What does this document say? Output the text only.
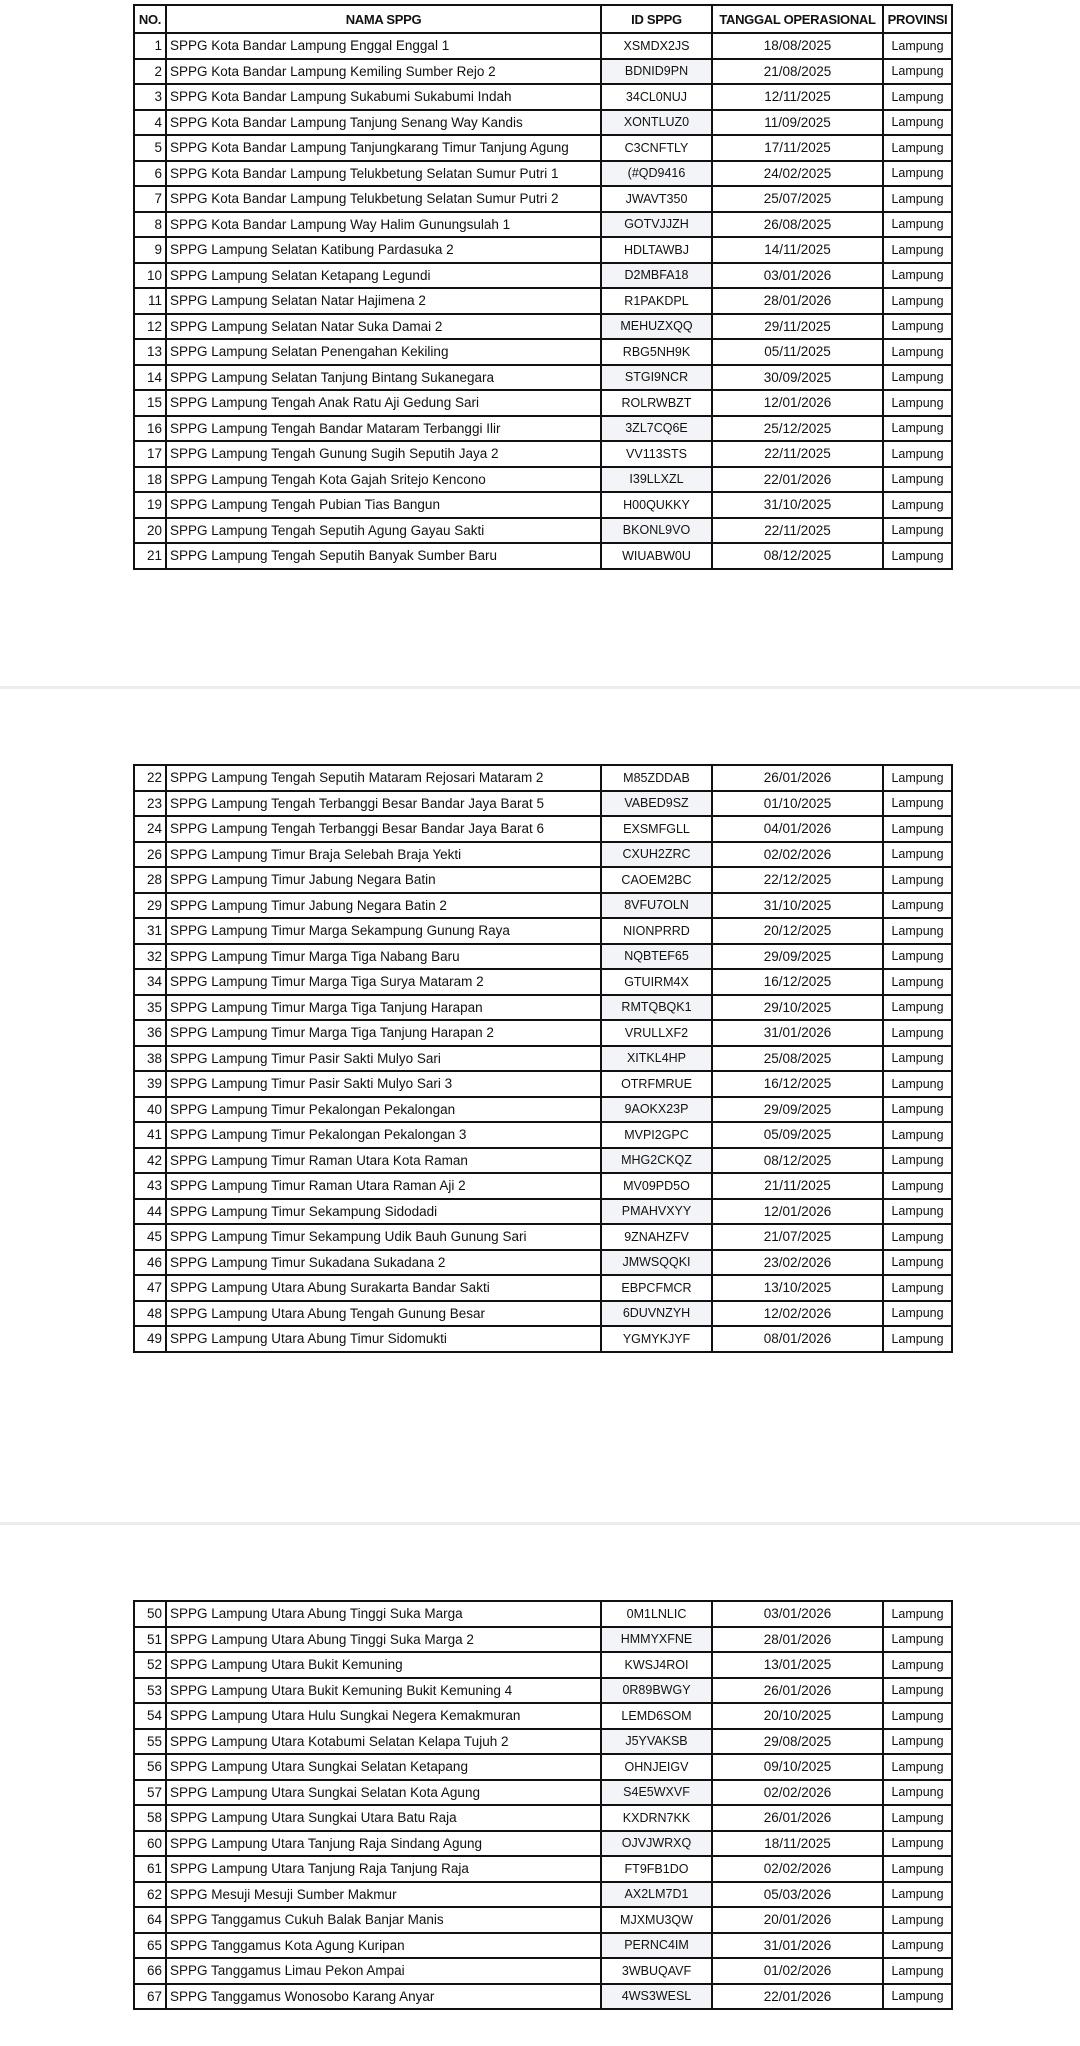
NO.	NAMA SPPG	ID SPPG	TANGGAL OPERASIONAL	PROVINSI
1	SPPG Kota Bandar Lampung Enggal Enggal 1	XSMDX2JS	18/08/2025	Lampung
2	SPPG Kota Bandar Lampung Kemiling Sumber Rejo 2	BDNID9PN	21/08/2025	Lampung
3	SPPG Kota Bandar Lampung Sukabumi Sukabumi Indah	34CL0NUJ	12/11/2025	Lampung
4	SPPG Kota Bandar Lampung Tanjung Senang Way Kandis	XONTLUZ0	11/09/2025	Lampung
5	SPPG Kota Bandar Lampung Tanjungkarang Timur Tanjung Agung	C3CNFTLY	17/11/2025	Lampung
6	SPPG Kota Bandar Lampung Telukbetung Selatan Sumur Putri 1	(#QD9416	24/02/2025	Lampung
7	SPPG Kota Bandar Lampung Telukbetung Selatan Sumur Putri 2	JWAVT350	25/07/2025	Lampung
8	SPPG Kota Bandar Lampung Way Halim Gunungsulah 1	GOTVJJZH	26/08/2025	Lampung
9	SPPG Lampung Selatan Katibung Pardasuka 2	HDLTAWBJ	14/11/2025	Lampung
10	SPPG Lampung Selatan Ketapang Legundi	D2MBFA18	03/01/2026	Lampung
11	SPPG Lampung Selatan Natar Hajimena 2	R1PAKDPL	28/01/2026	Lampung
12	SPPG Lampung Selatan Natar Suka Damai 2	MEHUZXQQ	29/11/2025	Lampung
13	SPPG Lampung Selatan Penengahan Kekiling	RBG5NH9K	05/11/2025	Lampung
14	SPPG Lampung Selatan Tanjung Bintang Sukanegara	STGI9NCR	30/09/2025	Lampung
15	SPPG Lampung Tengah Anak Ratu Aji Gedung Sari	ROLRWBZT	12/01/2026	Lampung
16	SPPG Lampung Tengah Bandar Mataram Terbanggi Ilir	3ZL7CQ6E	25/12/2025	Lampung
17	SPPG Lampung Tengah Gunung Sugih Seputih Jaya 2	VV113STS	22/11/2025	Lampung
18	SPPG Lampung Tengah Kota Gajah Sritejo Kencono	I39LLXZL	22/01/2026	Lampung
19	SPPG Lampung Tengah Pubian Tias Bangun	H00QUKKY	31/10/2025	Lampung
20	SPPG Lampung Tengah Seputih Agung Gayau Sakti	BKONL9VO	22/11/2025	Lampung
21	SPPG Lampung Tengah Seputih Banyak Sumber Baru	WIUABW0U	08/12/2025	Lampung
22	SPPG Lampung Tengah Seputih Mataram Rejosari Mataram 2	M85ZDDAB	26/01/2026	Lampung
23	SPPG Lampung Tengah Terbanggi Besar Bandar Jaya Barat 5	VABED9SZ	01/10/2025	Lampung
24	SPPG Lampung Tengah Terbanggi Besar Bandar Jaya Barat 6	EXSMFGLL	04/01/2026	Lampung
26	SPPG Lampung Timur Braja Selebah Braja Yekti	CXUH2ZRC	02/02/2026	Lampung
28	SPPG Lampung Timur Jabung Negara Batin	CAOEM2BC	22/12/2025	Lampung
29	SPPG Lampung Timur Jabung Negara Batin 2	8VFU7OLN	31/10/2025	Lampung
31	SPPG Lampung Timur Marga Sekampung Gunung Raya	NIONPRRD	20/12/2025	Lampung
32	SPPG Lampung Timur Marga Tiga Nabang Baru	NQBTEF65	29/09/2025	Lampung
34	SPPG Lampung Timur Marga Tiga Surya Mataram 2	GTUIRM4X	16/12/2025	Lampung
35	SPPG Lampung Timur Marga Tiga Tanjung Harapan	RMTQBQK1	29/10/2025	Lampung
36	SPPG Lampung Timur Marga Tiga Tanjung Harapan 2	VRULLXF2	31/01/2026	Lampung
38	SPPG Lampung Timur Pasir Sakti Mulyo Sari	XITKL4HP	25/08/2025	Lampung
39	SPPG Lampung Timur Pasir Sakti Mulyo Sari 3	OTRFMRUE	16/12/2025	Lampung
40	SPPG Lampung Timur Pekalongan Pekalongan	9AOKX23P	29/09/2025	Lampung
41	SPPG Lampung Timur Pekalongan Pekalongan 3	MVPI2GPC	05/09/2025	Lampung
42	SPPG Lampung Timur Raman Utara Kota Raman	MHG2CKQZ	08/12/2025	Lampung
43	SPPG Lampung Timur Raman Utara Raman Aji 2	MV09PD5O	21/11/2025	Lampung
44	SPPG Lampung Timur Sekampung Sidodadi	PMAHVXYY	12/01/2026	Lampung
45	SPPG Lampung Timur Sekampung Udik Bauh Gunung Sari	9ZNAHZFV	21/07/2025	Lampung
46	SPPG Lampung Timur Sukadana Sukadana 2	JMWSQQKI	23/02/2026	Lampung
47	SPPG Lampung Utara Abung Surakarta Bandar Sakti	EBPCFMCR	13/10/2025	Lampung
48	SPPG Lampung Utara Abung Tengah Gunung Besar	6DUVNZYH	12/02/2026	Lampung
49	SPPG Lampung Utara Abung Timur Sidomukti	YGMYKJYF	08/01/2026	Lampung
50	SPPG Lampung Utara Abung Tinggi Suka Marga	0M1LNLIC	03/01/2026	Lampung
51	SPPG Lampung Utara Abung Tinggi Suka Marga 2	HMMYXFNE	28/01/2026	Lampung
52	SPPG Lampung Utara Bukit Kemuning	KWSJ4ROI	13/01/2025	Lampung
53	SPPG Lampung Utara Bukit Kemuning Bukit Kemuning 4	0R89BWGY	26/01/2026	Lampung
54	SPPG Lampung Utara Hulu Sungkai Negera Kemakmuran	LEMD6SOM	20/10/2025	Lampung
55	SPPG Lampung Utara Kotabumi Selatan Kelapa Tujuh 2	J5YVAKSB	29/08/2025	Lampung
56	SPPG Lampung Utara Sungkai Selatan Ketapang	OHNJEIGV	09/10/2025	Lampung
57	SPPG Lampung Utara Sungkai Selatan Kota Agung	S4E5WXVF	02/02/2026	Lampung
58	SPPG Lampung Utara Sungkai Utara Batu Raja	KXDRN7KK	26/01/2026	Lampung
60	SPPG Lampung Utara Tanjung Raja Sindang Agung	OJVJWRXQ	18/11/2025	Lampung
61	SPPG Lampung Utara Tanjung Raja Tanjung Raja	FT9FB1DO	02/02/2026	Lampung
62	SPPG Mesuji Mesuji Sumber Makmur	AX2LM7D1	05/03/2026	Lampung
64	SPPG Tanggamus Cukuh Balak Banjar Manis	MJXMU3QW	20/01/2026	Lampung
65	SPPG Tanggamus Kota Agung Kuripan	PERNC4IM	31/01/2026	Lampung
66	SPPG Tanggamus Limau Pekon Ampai	3WBUQAVF	01/02/2026	Lampung
67	SPPG Tanggamus Wonosobo Karang Anyar	4WS3WESL	22/01/2026	Lampung
